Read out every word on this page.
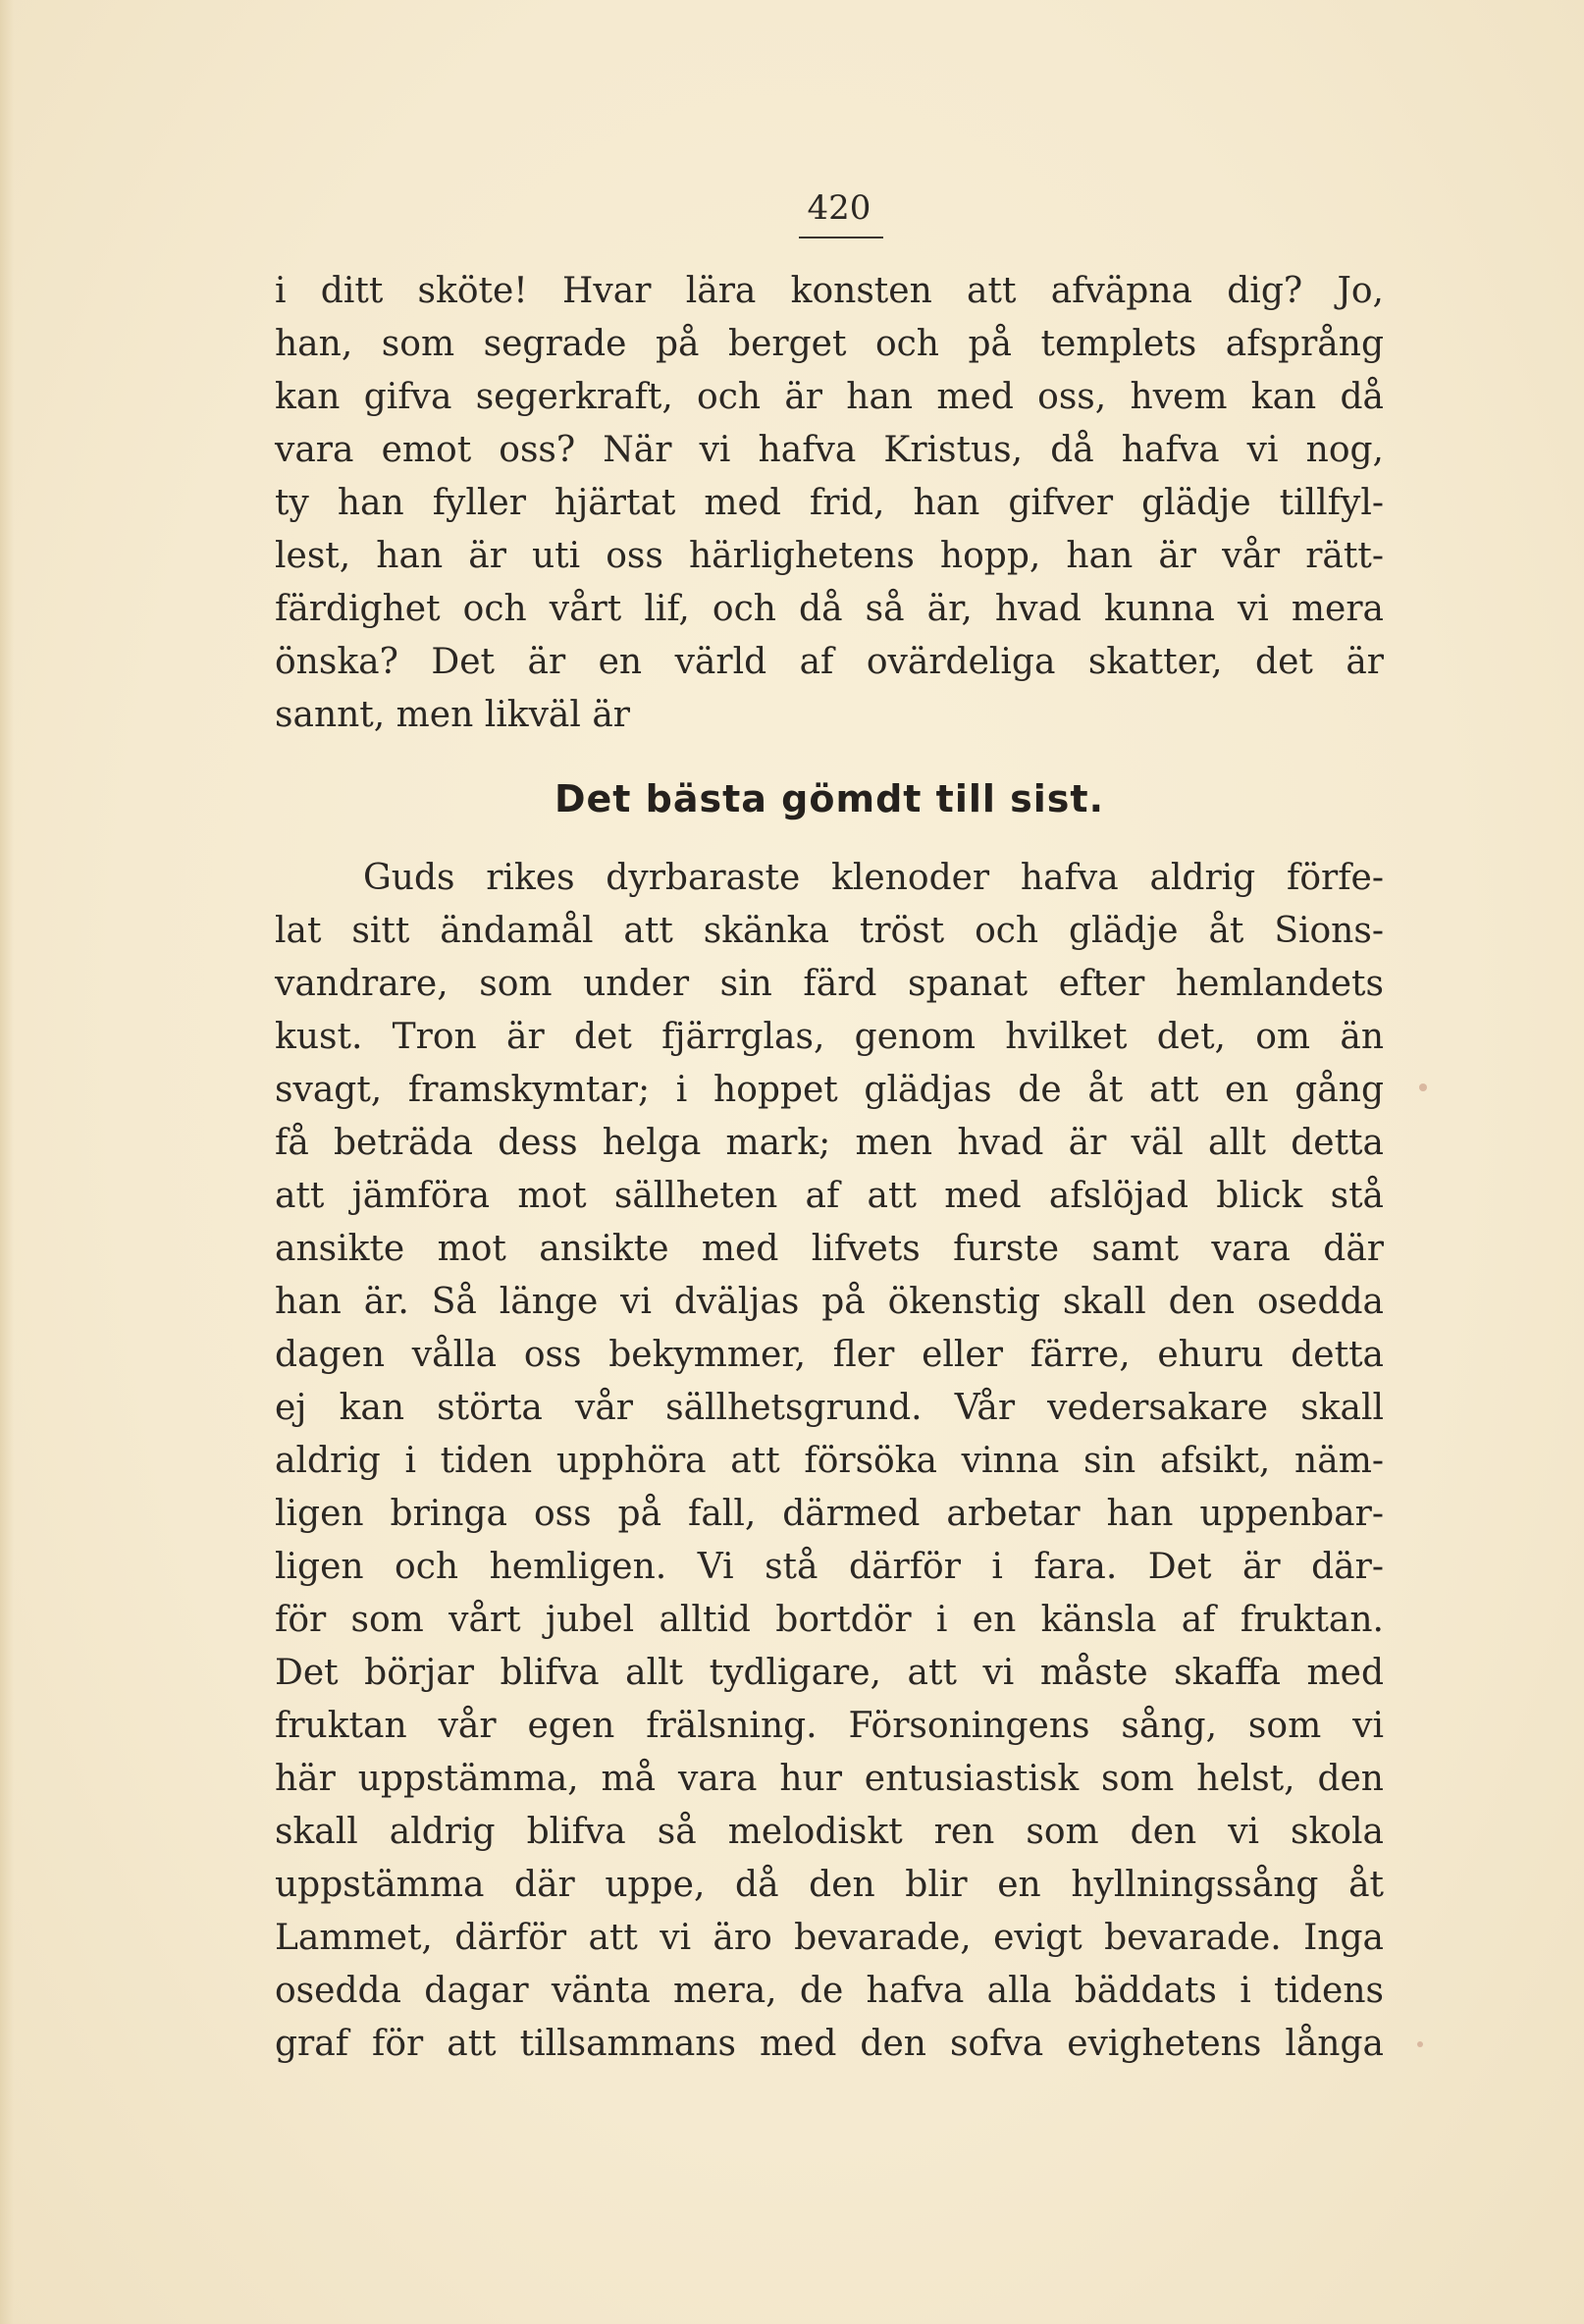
420
i ditt sköte! Hvar lära konsten att afväpna dig? Jo,
han, som segrade på berget och på templets afsprång
kan gifva segerkraft, och är han med oss, hvem kan då
vara emot oss? När vi hafva Kristus, då hafva vi nog,
ty han fyller hjärtat med frid, han gifver glädje tillfyl-
lest, han är uti oss härlighetens hopp, han är vår rätt-
färdighet och vårt lif, och då så är, hvad kunna vi mera
önska? Det är en värld af ovärdeliga skatter, det är
sannt, men likväl är
Det bästa gömdt till sist.
Guds rikes dyrbaraste klenoder hafva aldrig förfe-
lat sitt ändamål att skänka tröst och glädje åt Sions-
vandrare, som under sin färd spanat efter hemlandets
kust. Tron är det fjärrglas, genom hvilket det, om än
svagt, framskymtar; i hoppet glädjas de åt att en gång
få beträda dess helga mark; men hvad är väl allt detta
att jämföra mot sällheten af att med afslöjad blick stå
ansikte mot ansikte med lifvets furste samt vara där
han är. Så länge vi dväljas på ökenstig skall den osedda
dagen vålla oss bekymmer, fler eller färre, ehuru detta
ej kan störta vår sällhetsgrund. Vår vedersakare skall
aldrig i tiden upphöra att försöka vinna sin afsikt, näm-
ligen bringa oss på fall, därmed arbetar han uppenbar-
ligen och hemligen. Vi stå därför i fara. Det är där-
för som vårt jubel alltid bortdör i en känsla af fruktan.
Det börjar blifva allt tydligare, att vi måste skaffa med
fruktan vår egen frälsning. Försoningens sång, som vi
här uppstämma, må vara hur entusiastisk som helst, den
skall aldrig blifva så melodiskt ren som den vi skola
uppstämma där uppe, då den blir en hyllningssång åt
Lammet, därför att vi äro bevarade, evigt bevarade. Inga
osedda dagar vänta mera, de hafva alla bäddats i tidens
graf för att tillsammans med den sofva evighetens långa
